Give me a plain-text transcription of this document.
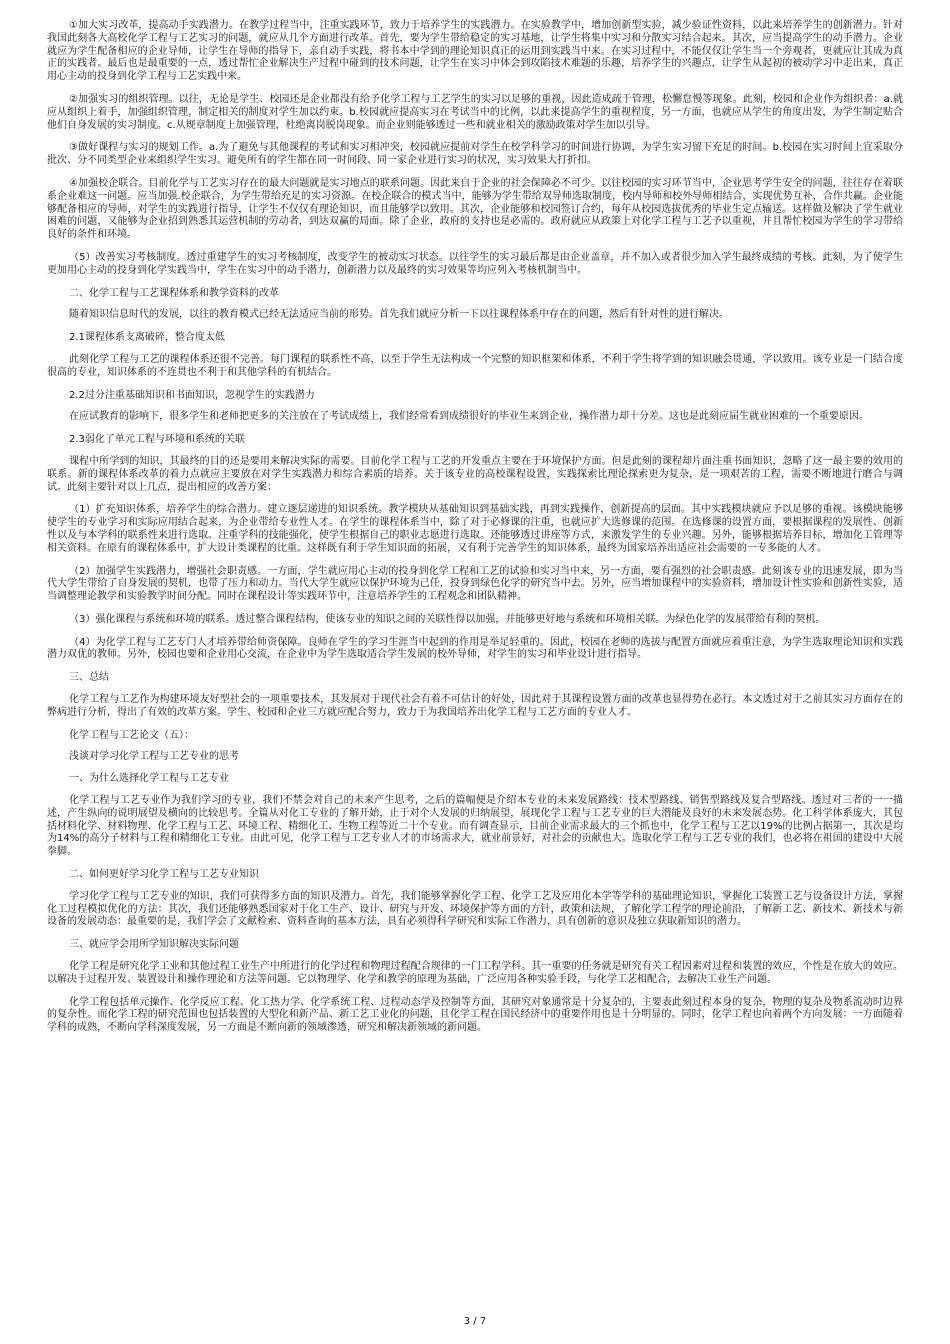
①加大实习改革，提高动手实践潜力。在教学过程当中，注重实践环节，致力于培养学生的实践潜力。在实验教学中，增加创新型实验，减少验证性资料，以此来培养学生的创新潜力。针对我国此刻各大高校化学工程与工艺实习的问题，就应从几个方面进行改革。首先，要为学生带给稳定的实习基地，让学生将集中实习和分散实习结合起来。其次，应当提高学生的动手潜力。企业就应为学生配备相应的企业导师，让学生在导师的指导下，亲自动手实践，将书本中学到的理论知识真正的运用到实践当中来。在实习过程中，不能仅仅让学生当一个旁观者，更就应让其成为真正的实践者。最后也是最重要的一点，透过帮忙企业解决生产过程中碰到的技术问题，让学生在实习中体会到攻陷技术难题的乐趣，培养学生的兴趣点，让学生从起初的被动学习中走出来，真正用心主动的投身到化学工程与工艺实践中来。

②加强实习的组织管理。以往，无论是学生、校园还是企业都没有给予化学工程与工艺学生的实习以足够的重视，因此造成疏于管理，松懈怠慢等现象。此刻，校园和企业作为组织者：a.就应从组织上着手，加强组织管理，制定相关的制度对学生加以约束。b.校园就应提高实习在考试当中的比例，以此来提高学生的重视程度，另一方面，也就应从学生的角度出发，为学生制定贴合他们自身发展的实习制度。c.从规章制度上加强管理，杜绝离岗脱岗现象。而企业则能够透过一些和就业相关的激励政策对学生加以引导。

③做好课程与实习的规划工作。a.为了避免与其他课程的考试和实习相冲突，校园就应提前对学生在校学科学习的时间进行协调，为学生实习留下充足的时间。b.校园在实习时间上宜采取分批次、分不同类型企业来组织学生实习。避免所有的学生都在同一时间段、同一家企业进行实习的状况，实习效果大打折扣。

④加强校企联合。目前化学与工艺实习存在的最大问题就是实习地点的联系问题。因此来自于企业的社会保障必不可少。以往校园的实习环节当中，企业思考学生安全的问题，往往存在着联系企业难这一问题。应当加强.校企联合，为学生带给充足的实习资源。在校企联合的模式当中，能够为学生带给双导师选取制度，校内导师和校外导师相结合，实现优势互补，合作共赢。企业能够配备相应的导师，对学生的实践进行指导，让学生不仅仅有理论知识，而且能够学以致用。其次，企业能够和校园签订合约，每年从校园选拔优秀的毕业生定点输送。这样做及解决了学生就业困难的问题，又能够为企业招到熟悉其运营机制的劳动者，到达双赢的局面。除了企业，政府的支持也是必需的。政府就应从政策上对化学工程与工艺予以重视，并且帮忙校园为学生的学习带给良好的条件和环境。

（5）改善实习考核制度。透过重建学生的实习考核制度，改变学生的被动实习状态。以往学生的实习最后都是由企业盖章，并不加入或者很少加入学生最终成绩的考核。此刻，为了使学生更加用心主动的投身到化学实践当中，学生在实习中的动手潜力，创新潜力以及最终的实习效果等均应列入考核机制当中。

二、化学工程与工艺课程体系和教学资料的改革

随着知识信息时代的发展，以往的教育模式已经无法适应当前的形势。首先我们就应分析一下以往课程体系中存在的问题，然后有针对性的进行解决。

2.1课程体系支离破碎，整合度太低

此刻化学工程与工艺的课程体系还很不完善。每门课程的联系性不高，以至于学生无法构成一个完整的知识框架和体系，不利于学生将学到的知识融会贯通，学以致用。该专业是一门结合度很高的专业，知识体系的不连贯也不利于和其他学科的有机结合。

2.2过分注重基础知识和书面知识，忽视学生的实践潜力

在应试教育的影响下，很多学生和老师把更多的关注放在了考试成绩上，我们经常看到成绩很好的毕业生来到企业，操作潜力却十分差。这也是此刻应届生就业困难的一个重要原因。

2.3弱化了单元工程与环境和系统的关联

课程中所学到的知识，其最终的目的还是要用来解决实际的需要。目前化学工程与工艺的开发重点主要在于环境保护方面。但是此刻的课程却片面注重书面知识，忽略了这一最主要的效用的联系。新的课程体系改革的着力点就应主要放在对学生实践潜力和综合素质的培养。关于该专业的高校课程设置，实践探索比理论探索更为复杂，是一项艰苦的工程，需要不断地进行磨合与调试。此刻主要针对以上几点，提出相应的改善方案：

（1）扩充知识体系，培养学生的综合潜力。建立逐层递进的知识系统。教学模块从基础知识到基础实践，再到实践操作，创新提高的层面。其中实践模块就应予以足够的重视。该模块能够使学生的专业学习和实际应用结合起来，为企业带给专业性人才。在学生的课程体系当中，除了对于必修课的注重，也就应扩大选修课的范围。在选修课的设置方面，要根据课程的发展性、创新性以及与本学科的联系性来进行选取。注重学科的技能强化，使学生根据自己的职业志愿进行选取。还能够透过讲座等方式，来激发学生的专业兴趣。另外，能够根据培养目标，增加化工管理等相关资料。在原有的课程体系中，扩大设计类课程的比重。这样既有利于学生知识面的拓展，又有利于完善学生的知识体系，最终为国家培养出适应社会需要的一专多能的人才。

（2）加强学生实践潜力，增强社会职责感。一方面，学生就应用心主动的投身到化学工程和工艺的试验和实习当中来，另一方面，要有强烈的社会职责感。此刻该专业的迅速发展，即为当代大学生带给了自身发展的契机，也带了压力和动力。当代大学生就应以保护环境为己任，投身到绿色化学的研究当中去。另外，应当增加课程中的实验资料，增加设计性实验和创新性实验，适当调整理论教学和实验教学时间分配。同时在课程设计等实践环节中，注意培养学生的工程观念和团队精神。

（3）强化课程与系统和环境的联系。透过整合课程结构，使该专业的知识之间的关联性得以加强，并能够更好地与系统和环境相关联。为绿色化学的发展带给有利的契机。

（4）为化学工程与工艺专门人才培养带给师资保障。良师在学生的学习生涯当中起到的作用是举足轻重的。因此，校园在老师的选拔与配置方面就应着重注意，为学生选取理论知识和实践潜力双优的教师。另外，校园也要和企业用心交流，在企业中为学生选取适合学生发展的校外导师，对学生的实习和毕业设计进行指导。

三、总结

化学工程与工艺作为构建环境友好型社会的一项重要技术，其发展对于现代社会有着不可估计的好处，因此对于其课程设置方面的改革也显得势在必行。本文透过对于之前其实习方面存在的弊病进行分析，得出了有效的改革方案。学生、校园和企业三方就应配合努力，致力于为我国培养出化学工程与工艺方面的专业人才。

化学工程与工艺论文（五）：

浅谈对学习化学工程与工艺专业的思考

一、为什么选择化学工程与工艺专业

化学工程与工艺专业作为我们学习的专业，我们不禁会对自己的未来产生思考，之后的篇幅便是介绍本专业的未来发展路线：技术型路线、销售型路线及复合型路线。透过对三者的一一描述，产生纵向的说明展望及横向的比较思考。全篇从对化工专业的了解开始，止于对个人发展的归纳展望，展现化学工程与工艺专业的巨大潜能及良好的未来发展态势。化工科学体系庞大，其包括材料化学、材料物理、化学工程与工艺、环境工程、精细化工、生物工程等近二十个专业。而有调查显示，目前企业需求最大的三个抓也中，化学工程与工艺以19%的比例占据第一，其次是均为14%的高分子材料与工程和精细化工专业。由此可见，化学工程与工艺专业人才的市场需求大，就业前景好，对社会的贡献也大。选取化学工程与工艺专业的我们，也必将在祖国的建设中大展拳脚。

二、如何更好学习化学工程与工艺专业知识

学习化学工程与工艺专业的知识，我们可获得多方面的知识及潜力。首先，我们能够掌握化学工程、化学工艺及应用化本学等学科的基础理论知识，掌握化工装置工艺与设备设计方法，掌握化工过程模拟优化的方法：其次，我们还能够熟悉国家对于化工生产、设计、研究与开发、环境保护等方面的方针，政策和法规，了解化学工程学的理论前沿，了解新工艺、新技术、新技术与新设备的发展动态：最重要的是，我们学会了文献检索、资料查询的基本方法，具有必须得科学研究和实际工作潜力，具有创新的意识及独立获取新知识的潜力。

三、就应学会用所学知识解决实际问题

化学工程是研究化学工业和其他过程工业生产中所进行的化学过程和物理过程配合规律的一门工程学科。其一重要的任务就是研究有关工程因素对过程和装置的效应，个性是在放大的效应。以解决于过程开发、装置设计和操作理论和方法等问题。它以物理学、化学和教学的原理为基础，广泛应用各种实验手段，与化学工艺相配合，去解决工业生产问题。

化学工程包括单元操作、化学反应工程、化工热力学、化学系统工程、过程动态学及控制等方面，其研究对象通常是十分复杂的，主要表此刻过程本身的复杂，物理的复杂及物系流动时边界的复杂性。而化学工程的研究范围也包括装置的大型化和新产品、新工艺工业化的问题，且化学工程在国民经济中的重要作用也是十分明显的。同时，化学工程也向着两个方向发展：一方面随着学科的成熟，不断向学科深度发展，另一方面是不断向新的领域渗透，研究和解决新领域的新问题。

3 / 7
